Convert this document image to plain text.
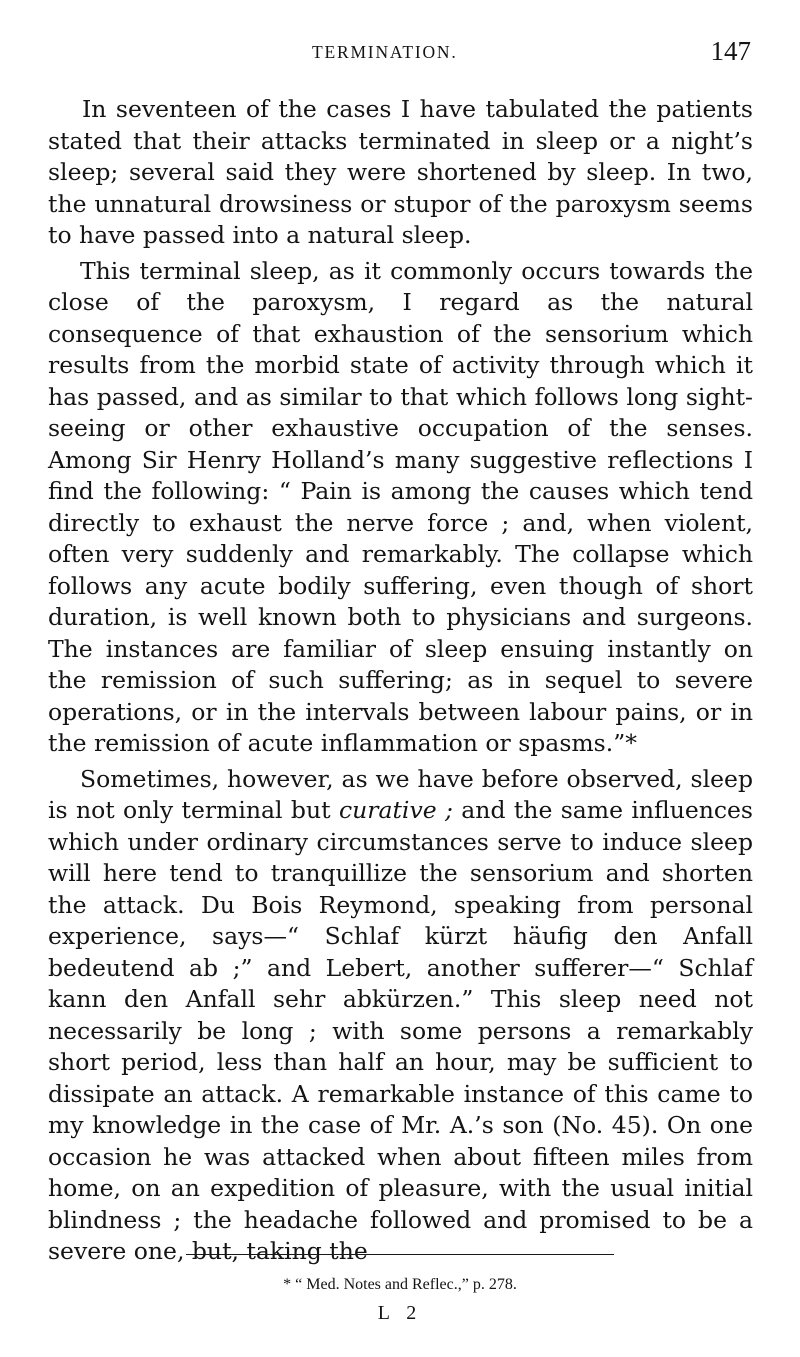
TERMINATION.	147

In seventeen of the cases I have tabulated the patients stated that their attacks terminated in sleep or a night’s sleep; several said they were shortened by sleep. In two, the unnatural drowsiness or stupor of the paroxysm seems to have passed into a natural sleep.

This terminal sleep, as it commonly occurs towards the close of the paroxysm, I regard as the natural consequence of that exhaustion of the sensorium which results from the morbid state of activity through which it has passed, and as similar to that which follows long sight-seeing or other exhaustive occupation of the senses. Among Sir Henry Holland’s many suggestive reflections I find the following: “ Pain is among the causes which tend directly to exhaust the nerve force ; and, when violent, often very suddenly and remarkably. The collapse which follows any acute bodily suffering, even though of short duration, is well known both to physicians and surgeons. The instances are familiar of sleep ensuing instantly on the remission of such suffering; as in sequel to severe operations, or in the intervals between labour pains, or in the remission of acute inflammation or spasms.”*

Sometimes, however, as we have before observed, sleep is not only terminal but curative ; and the same influences which under ordinary circumstances serve to induce sleep will here tend to tranquillize the sensorium and shorten the attack. Du Bois Reymond, speaking from personal experience, says—“ Schlaf kürzt häufig den Anfall bedeutend ab ;” and Lebert, another sufferer—“ Schlaf kann den Anfall sehr abkürzen.” This sleep need not necessarily be long ; with some persons a remarkably short period, less than half an hour, may be sufficient to dissipate an attack. A remarkable instance of this came to my knowledge in the case of Mr. A.’s son (No. 45). On one occasion he was attacked when about fifteen miles from home, on an expedition of pleasure, with the usual initial blindness ; the headache followed and promised to be a severe one, but, taking the

* “ Med. Notes and Reflec.,” p. 278.
L 2
